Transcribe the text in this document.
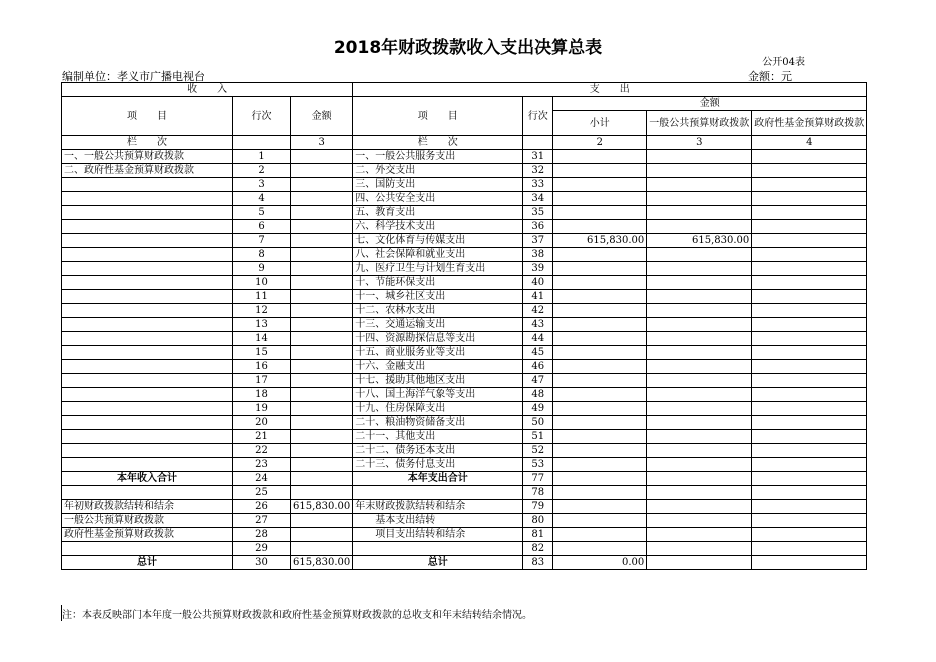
2018年财政拨款收入支出决算总表
公开04表
编制单位：孝义市广播电视台	金额：元
收　　入			支　　出				
项　　目	行次	金额	项　　目	行次	金额		
					小计	一般公共预算财政拨款	政府性基金预算财政拨款
栏　　次		3	栏　　次		2	3	4
一、一般公共预算财政拨款	1		一、一般公共服务支出	31			
二、政府性基金预算财政拨款	2		二、外交支出	32			
	3		三、国防支出	33			
	4		四、公共安全支出	34			
	5		五、教育支出	35			
	6		六、科学技术支出	36			
	7		七、文化体育与传媒支出	37	615,830.00	615,830.00	
	8		八、社会保障和就业支出	38			
	9		九、医疗卫生与计划生育支出	39			
	10		十、节能环保支出	40			
	11		十一、城乡社区支出	41			
	12		十二、农林水支出	42			
	13		十三、交通运输支出	43			
	14		十四、资源勘探信息等支出	44			
	15		十五、商业服务业等支出	45			
	16		十六、金融支出	46			
	17		十七、援助其他地区支出	47			
	18		十八、国土海洋气象等支出	48			
	19		十九、住房保障支出	49			
	20		二十、粮油物资储备支出	50			
	21		二十一、其他支出	51			
	22		二十二、债务还本支出	52			
	23		二十三、债务付息支出	53			
本年收入合计	24		本年支出合计	77			
	25			78			
年初财政拨款结转和结余	26	615,830.00	年末财政拨款结转和结余	79			
一般公共预算财政拨款	27		　　基本支出结转	80			
政府性基金预算财政拨款	28		　　项目支出结转和结余	81			
	29			82			
总计	30	615,830.00	总计	83	0.00		
注：本表反映部门本年度一般公共预算财政拨款和政府性基金预算财政拨款的总收支和年末结转结余情况。
